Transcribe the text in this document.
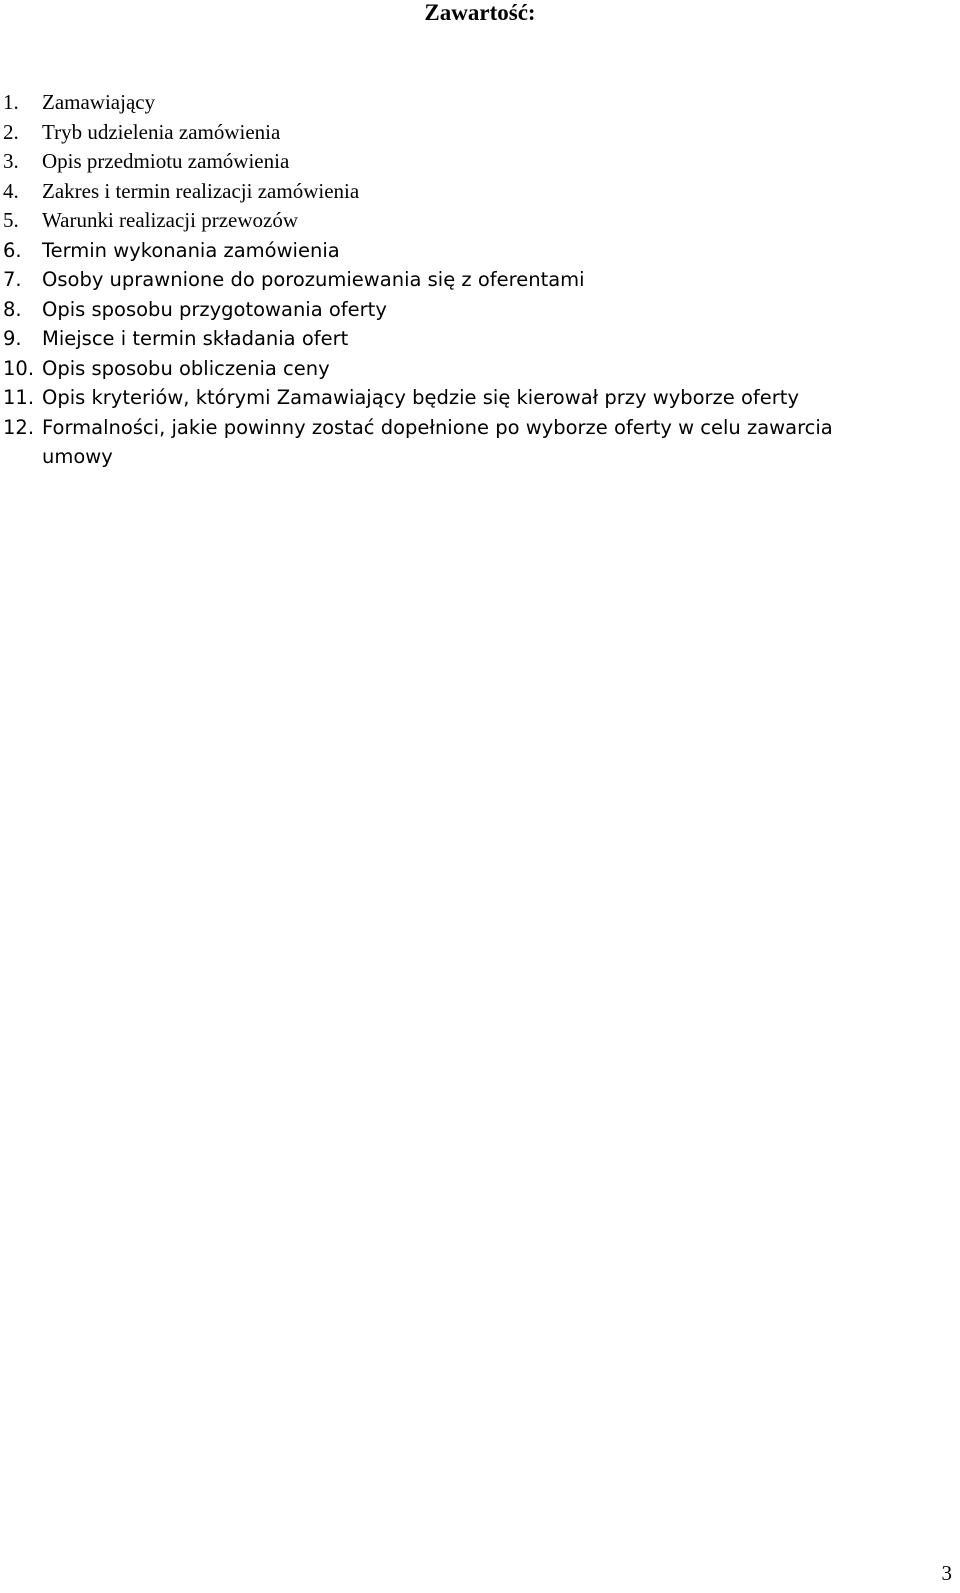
Zawartość:
1. Zamawiający
2. Tryb udzielenia zamówienia
3. Opis przedmiotu zamówienia
4. Zakres i termin realizacji zamówienia
5. Warunki realizacji przewozów
6. Termin wykonania zamówienia
7. Osoby uprawnione do porozumiewania się z oferentami
8. Opis sposobu przygotowania oferty
9. Miejsce i termin składania ofert
10. Opis sposobu obliczenia ceny
11. Opis kryteriów, którymi Zamawiający będzie się kierował przy wyborze oferty
12. Formalności, jakie powinny zostać dopełnione po wyborze oferty w celu zawarcia umowy
3
